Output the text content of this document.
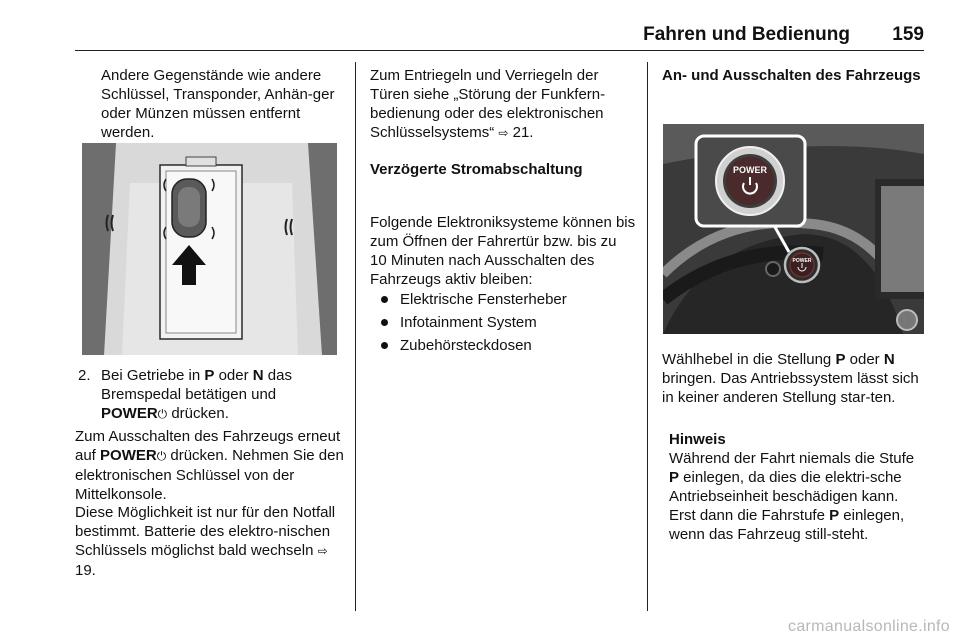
Fahren und Bedienung	159

Andere Gegenstände wie andere Schlüssel, Transponder, Anhän-ger oder Münzen müssen entfernt werden.

2. Bei Getriebe in P oder N das Bremspedal betätigen und POWER⏻ drücken.

Zum Ausschalten des Fahrzeugs erneut auf POWER⏻ drücken. Nehmen Sie den elektronischen Schlüssel von der Mittelkonsole.

Diese Möglichkeit ist nur für den Notfall bestimmt. Batterie des elektro-nischen Schlüssels möglichst bald wechseln ⇨ 19.

Zum Entriegeln und Verriegeln der Türen siehe „Störung der Funkfern-bedienung oder des elektronischen Schlüsselsystems“ ⇨ 21.

Verzögerte Stromabschaltung

Folgende Elektroniksysteme können bis zum Öffnen der Fahrertür bzw. bis zu 10 Minuten nach Ausschalten des Fahrzeugs aktiv bleiben:

Elektrische Fensterheber
Infotainment System
Zubehörsteckdosen
An- und Ausschalten des Fahrzeugs
POWER
POWER

Wählhebel in die Stellung P oder N bringen. Das Antriebssystem lässt sich in keiner anderen Stellung star-ten.

Hinweis

Während der Fahrt niemals die Stufe P einlegen, da dies die elektri-sche Antriebseinheit beschädigen kann. Erst dann die Fahrstufe P einlegen, wenn das Fahrzeug still-steht.

carmanualsonline.info
